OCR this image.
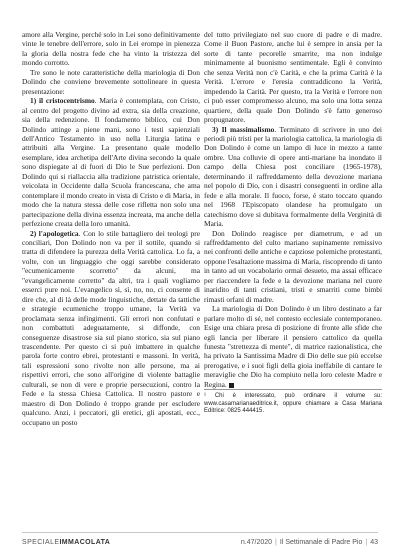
amore alla Vergine, perché solo in Lei sono definitivamente vinte le tenebre dell'errore, solo in Lei erompe in pienezza la gloria della nostra fede che ha vinto la tristezza del mondo corrotto.

Tre sono le note caratteristiche della mariologia di Don Dolindo che conviene brevemente sottolineare in questa presentazione:

1) il cristocentrismo. Maria è contemplata, con Cristo, al centro del progetto divino ad extra, sia della creazione, sia della redenzione. Il fondamento biblico, cui Don Dolindo attinge a piene mani, sono i testi sapienziali dell'Antico Testamento in uso nella Liturgia latina e attribuiti alla Vergine. La presentano quale modello esemplare, idea archetipa dell'Arte divina secondo la quale sono dispiegate al di fuori di Dio le Sue perfezioni. Don Dolindo qui si riallaccia alla tradizione patristica orientale, veicolata in Occidente dalla Scuola francescana, che ama contemplare il mondo creato in vista di Cristo e di Maria, in modo che la natura stessa delle cose rifletta non solo una partecipazione della divina essenza increata, ma anche della perfezione creata della loro umanità.

2) l'apologetica. Con lo stile battagliero dei teologi pre conciliari, Don Dolindo non va per il sottile, quando si tratta di difendere la purezza della Verità cattolica. Lo fa, a volte, con un linguaggio che oggi sarebbe considerato "ecumenicamente scorretto" da alcuni, ma "evangelicamente corretto" da altri, tra i quali vogliamo esserci pure noi. L'evangelico sì, sì, no, no, ci consente di dire che, al di là delle mode linguistiche, dettate da tattiche e strategie ecumeniche troppo umane, la Verità va proclamata senza infingimenti. Gli errori non confutati e non combattuti adeguatamente, si diffonde, con conseguenze disastrose sia sul piano storico, sia sul piano trascendente. Per questo ci si può imbattere in qualche parola forte contro ebrei, protestanti e massoni. In verità, tali espressioni sono rivolte non alle persone, ma ai rispettivi errori, che sono all'origine di violente battaglie culturali, se non di vere e proprie persecuzioni, contro la Fede e la stessa Chiesa Cattolica. Il nostro pastore e maestro di Don Dolindo è troppo grande per escludere qualcuno. Anzi, i peccatori, gli eretici, gli apostati, ecc., occupano un posto

del tutto privilegiato nel suo cuore di padre e di madre. Come il Buon Pastore, anche lui è sempre in ansia per la sorte di tante pecorelle smarrite, ma non indulge minimamente al buonismo sentimentale. Egli è convinto che senza Verità non c'è Carità, e che la prima Carità è la Verità. L'errore e l'eresia contraddicono la Verità, impedendo la Carità. Per questo, tra la Verità e l'errore non ci può esser compromesso alcuno, ma solo una lotta senza quartiere, della quale Don Dolindo s'è fatto generoso propugnatore.

3) Il massimalismo. Terminato di scrivere in uno dei periodi più tristi per la mariologia cattolica, la mariologia di Don Dolindo è come un lampo di luce in mezzo a tante ombre. Una colluvie di opere anti-mariane ha inondato il campo della Chiesa post conciliare (1965-1978), determinando il raffreddamento della devozione mariana nel popolo di Dio, con i disastri conseguenti in ordine alla fede e alla morale. Il fuoco, forse, è stato toccato quando nel 1968 l'Episcopato olandese ha promulgato un catechismo dove si dubitava formalmente della Verginità di Maria.

Don Dolindo reagisce per diametrum, e ad un raffreddamento del culto mariano supinamente remissivo nei confronti delle antiche e capziose polemiche protestanti, oppone l'esaltazione massima di Maria, riscoprendo di tanto in tanto ad un vocabolario ormai desueto, ma assai efficace per riaccendere la fede e la devozione mariana nel cuore inaridito di tanti cristiani, tristi e smarriti come bimbi rimasti orfani di madre.

La mariologia di Don Dolindo è un libro destinato a far parlare molto di sé, nel contesto ecclesiale contemporaneo. Esige una chiara presa di posizione di fronte alle sfide che egli lancia per liberare il pensiero cattolico da quella funesta "strettezza di mente", di matrice razionalistica, che ha privato la Santissima Madre di Dio delle sue più eccelse prerogative, e i suoi figli della gioia ineffabile di cantare le meraviglie che Dio ha compiuto nella loro celeste Madre e Regina.

¹ Chi è interessato, può ordinare il volume su: www.casamarianaeditrice.it, oppure chiamare a Casa Mariana Editrice: 0825 444415.

SPECIALEIMMACOLATA	n.47/2020 | Il Settimanale di Padre Pio | 43
